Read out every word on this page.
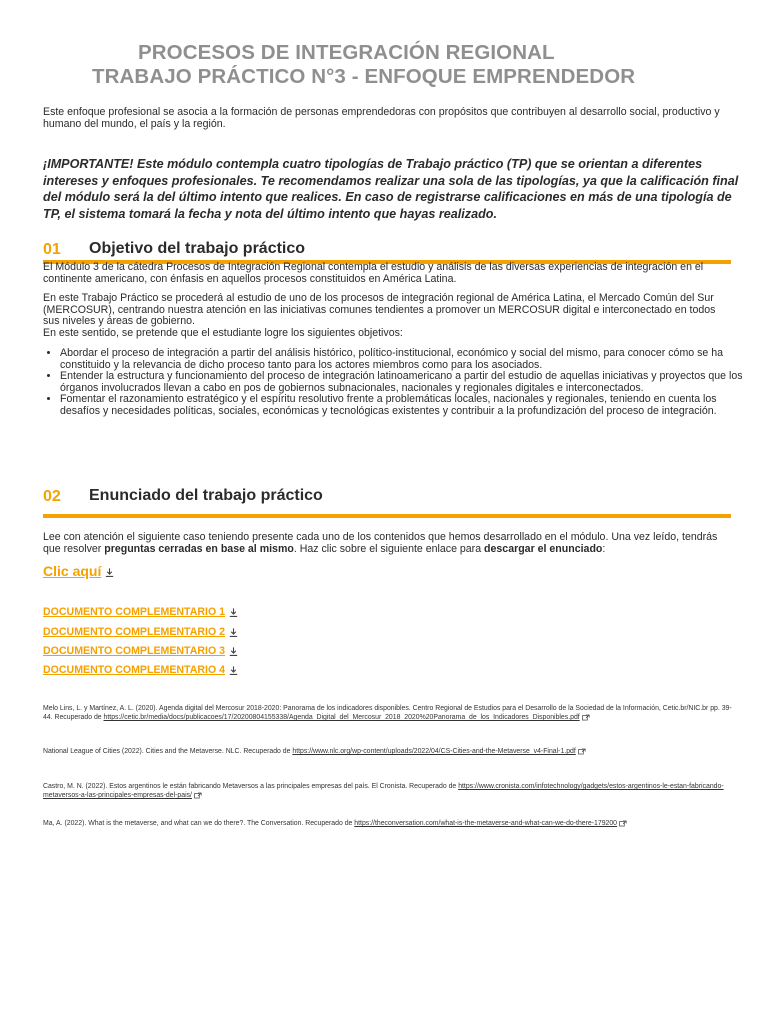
PROCESOS DE INTEGRACIÓN REGIONAL
TRABAJO PRÁCTICO N°3 - ENFOQUE EMPRENDEDOR

Este enfoque profesional se asocia a la formación de personas emprendedoras con propósitos que contribuyen al desarrollo social, productivo y humano del mundo, el país y la región.

¡IMPORTANTE! Este módulo contempla cuatro tipologías de Trabajo práctico (TP) que se orientan a diferentes intereses y enfoques profesionales. Te recomendamos realizar una sola de las tipologías, ya que la calificación final del módulo será la del último intento que realices. En caso de registrarse calificaciones en más de una tipología de TP, el sistema tomará la fecha y nota del último intento que hayas realizado.

01 Objetivo del trabajo práctico

El Módulo 3 de la cátedra Procesos de Integración Regional contempla el estudio y análisis de las diversas experiencias de integración en el continente americano, con énfasis en aquellos procesos constituidos en América Latina.

En este Trabajo Práctico se procederá al estudio de uno de los procesos de integración regional de América Latina, el Mercado Común del Sur (MERCOSUR), centrando nuestra atención en las iniciativas comunes tendientes a promover un MERCOSUR digital e interconectado en todos sus niveles y áreas de gobierno.

En este sentido, se pretende que el estudiante logre los siguientes objetivos:

• Abordar el proceso de integración a partir del análisis histórico, político-institucional, económico y social del mismo, para conocer cómo se ha constituido y la relevancia de dicho proceso tanto para los actores miembros como para los asociados.
• Entender la estructura y funcionamiento del proceso de integración latinoamericano a partir del estudio de aquellas iniciativas y proyectos que los órganos involucrados llevan a cabo en pos de gobiernos subnacionales, nacionales y regionales digitales e interconectados.
• Fomentar el razonamiento estratégico y el espíritu resolutivo frente a problemáticas locales, nacionales y regionales, teniendo en cuenta los desafíos y necesidades políticas, sociales, económicas y tecnológicas existentes y contribuir a la profundización del proceso de integración.
02 Enunciado del trabajo práctico

Lee con atención el siguiente caso teniendo presente cada uno de los contenidos que hemos desarrollado en el módulo. Una vez leído, tendrás que resolver preguntas cerradas en base al mismo. Haz clic sobre el siguiente enlace para descargar el enunciado:

Clic aquí
DOCUMENTO COMPLEMENTARIO 1
DOCUMENTO COMPLEMENTARIO 2
DOCUMENTO COMPLEMENTARIO 3
DOCUMENTO COMPLEMENTARIO 4

Melo Lins, L. y Martínez, A. L. (2020). Agenda digital del Mercosur 2018-2020: Panorama de los indicadores disponibles. Centro Regional de Estudios para el Desarrollo de la Sociedad de la Información, Cetic.br/NIC.br pp. 39-44. Recuperado de https://cetic.br/media/docs/publicacoes/17/20200804155338/Agenda_Digital_del_Mercosur_2018_2020%20Panorama_de_los_Indicadores_Disponibles.pdf

National League of Cities (2022). Cities and the Metaverse. NLC. Recuperado de https://www.nlc.org/wp-content/uploads/2022/04/CS-Cities-and-the-Metaverse_v4-Final-1.pdf

Castro, M. N. (2022). Estos argentinos le están fabricando Metaversos a las principales empresas del país. El Cronista. Recuperado de https://www.cronista.com/infotechnology/gadgets/estos-argentinos-le-estan-fabricando-metaversos-a-las-principales-empresas-del-pais/

Ma, A. (2022). What is the metaverse, and what can we do there?. The Conversation. Recuperado de https://theconversation.com/what-is-the-metaverse-and-what-can-we-do-there-179200
